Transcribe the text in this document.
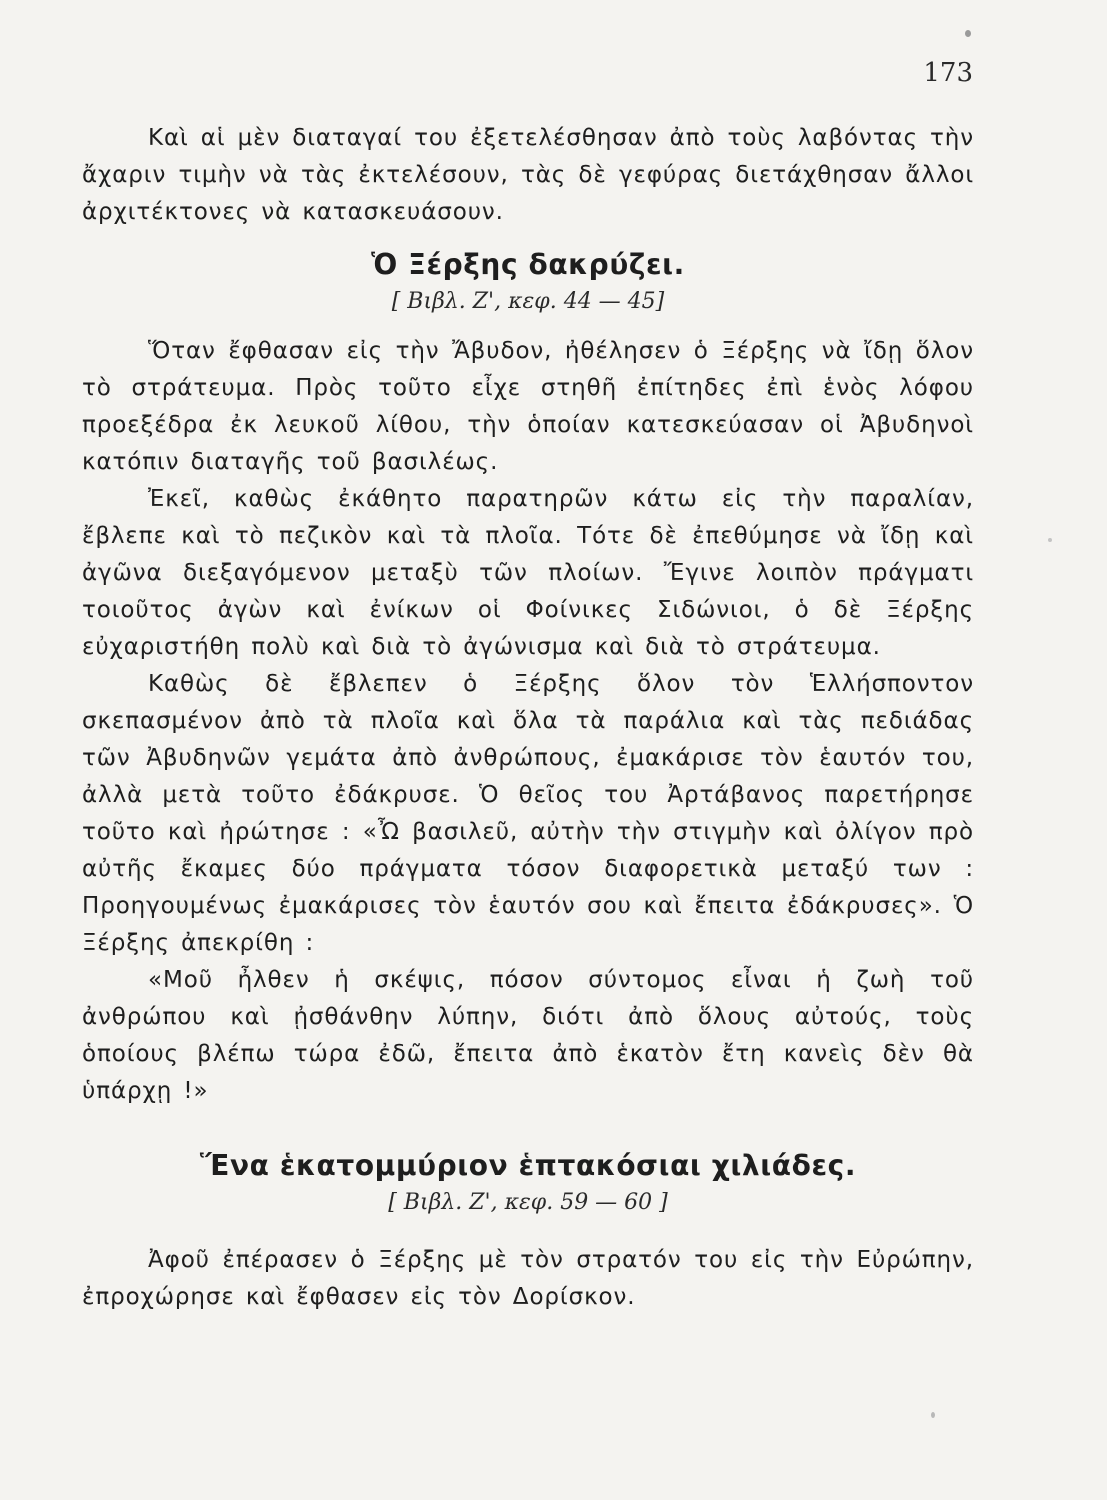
173

Καὶ αἱ μὲν διαταγαί του ἐξετελέσθησαν ἀπὸ τοὺς λαβόντας τὴν ἄχαριν τιμὴν νὰ τὰς ἐκτελέσουν, τὰς δὲ γεφύρας διετάχθησαν ἄλλοι ἀρχιτέκτονες νὰ κατασκευάσουν.

Ὁ Ξέρξης δακρύζει.
[ Βιβλ. Ζ', κεφ. 44 — 45]

Ὅταν ἔφθασαν εἰς τὴν Ἄβυδον, ἠθέλησεν ὁ Ξέρξης νὰ ἴδῃ ὅλον τὸ στράτευμα. Πρὸς τοῦτο εἶχε στηθῆ ἐπίτηδες ἐπὶ ἑνὸς λόφου προεξέδρα ἐκ λευκοῦ λίθου, τὴν ὁποίαν κατεσκεύασαν οἱ Ἀβυδηνοὶ κατόπιν διαταγῆς τοῦ βασιλέως.

Ἐκεῖ, καθὼς ἐκάθητο παρατηρῶν κάτω εἰς τὴν παραλίαν, ἔβλεπε καὶ τὸ πεζικὸν καὶ τὰ πλοῖα. Τότε δὲ ἐπεθύμησε νὰ ἴδῃ καὶ ἀγῶνα διεξαγόμενον μεταξὺ τῶν πλοίων. Ἔγινε λοιπὸν πράγματι τοιοῦτος ἀγὼν καὶ ἐνίκων οἱ Φοίνικες Σιδώνιοι, ὁ δὲ Ξέρξης εὐχαριστήθη πολὺ καὶ διὰ τὸ ἀγώνισμα καὶ διὰ τὸ στράτευμα.

Καθὼς δὲ ἔβλεπεν ὁ Ξέρξης ὅλον τὸν Ἑλλήσποντον σκεπασμένον ἀπὸ τὰ πλοῖα καὶ ὅλα τὰ παράλια καὶ τὰς πεδιάδας τῶν Ἀβυδηνῶν γεμάτα ἀπὸ ἀνθρώπους, ἐμακάρισε τὸν ἑαυτόν του, ἀλλὰ μετὰ τοῦτο ἐδάκρυσε. Ὁ θεῖος του Ἀρτάβανος παρετήρησε τοῦτο καὶ ἠρώτησε : «Ὦ βασιλεῦ, αὐτὴν τὴν στιγμὴν καὶ ὀλίγον πρὸ αὐτῆς ἔκαμες δύο πράγματα τόσον διαφορετικὰ μεταξύ των : Προηγουμένως ἐμακάρισες τὸν ἑαυτόν σου καὶ ἔπειτα ἐδάκρυσες». Ὁ Ξέρξης ἀπεκρίθη :

«Μοῦ ἦλθεν ἡ σκέψις, πόσον σύντομος εἶναι ἡ ζωὴ τοῦ ἀνθρώπου καὶ ᾐσθάνθην λύπην, διότι ἀπὸ ὅλους αὐτούς, τοὺς ὁποίους βλέπω τώρα ἐδῶ, ἔπειτα ἀπὸ ἑκατὸν ἔτη κανεὶς δὲν θὰ ὑπάρχῃ !»

Ἕνα ἑκατομμύριον ἑπτακόσιαι χιλιάδες.
[ Βιβλ. Ζ', κεφ. 59 — 60 ]

Ἀφοῦ ἐπέρασεν ὁ Ξέρξης μὲ τὸν στρατόν του εἰς τὴν Εὐρώπην, ἐπροχώρησε καὶ ἔφθασεν εἰς τὸν Δορίσκον.
